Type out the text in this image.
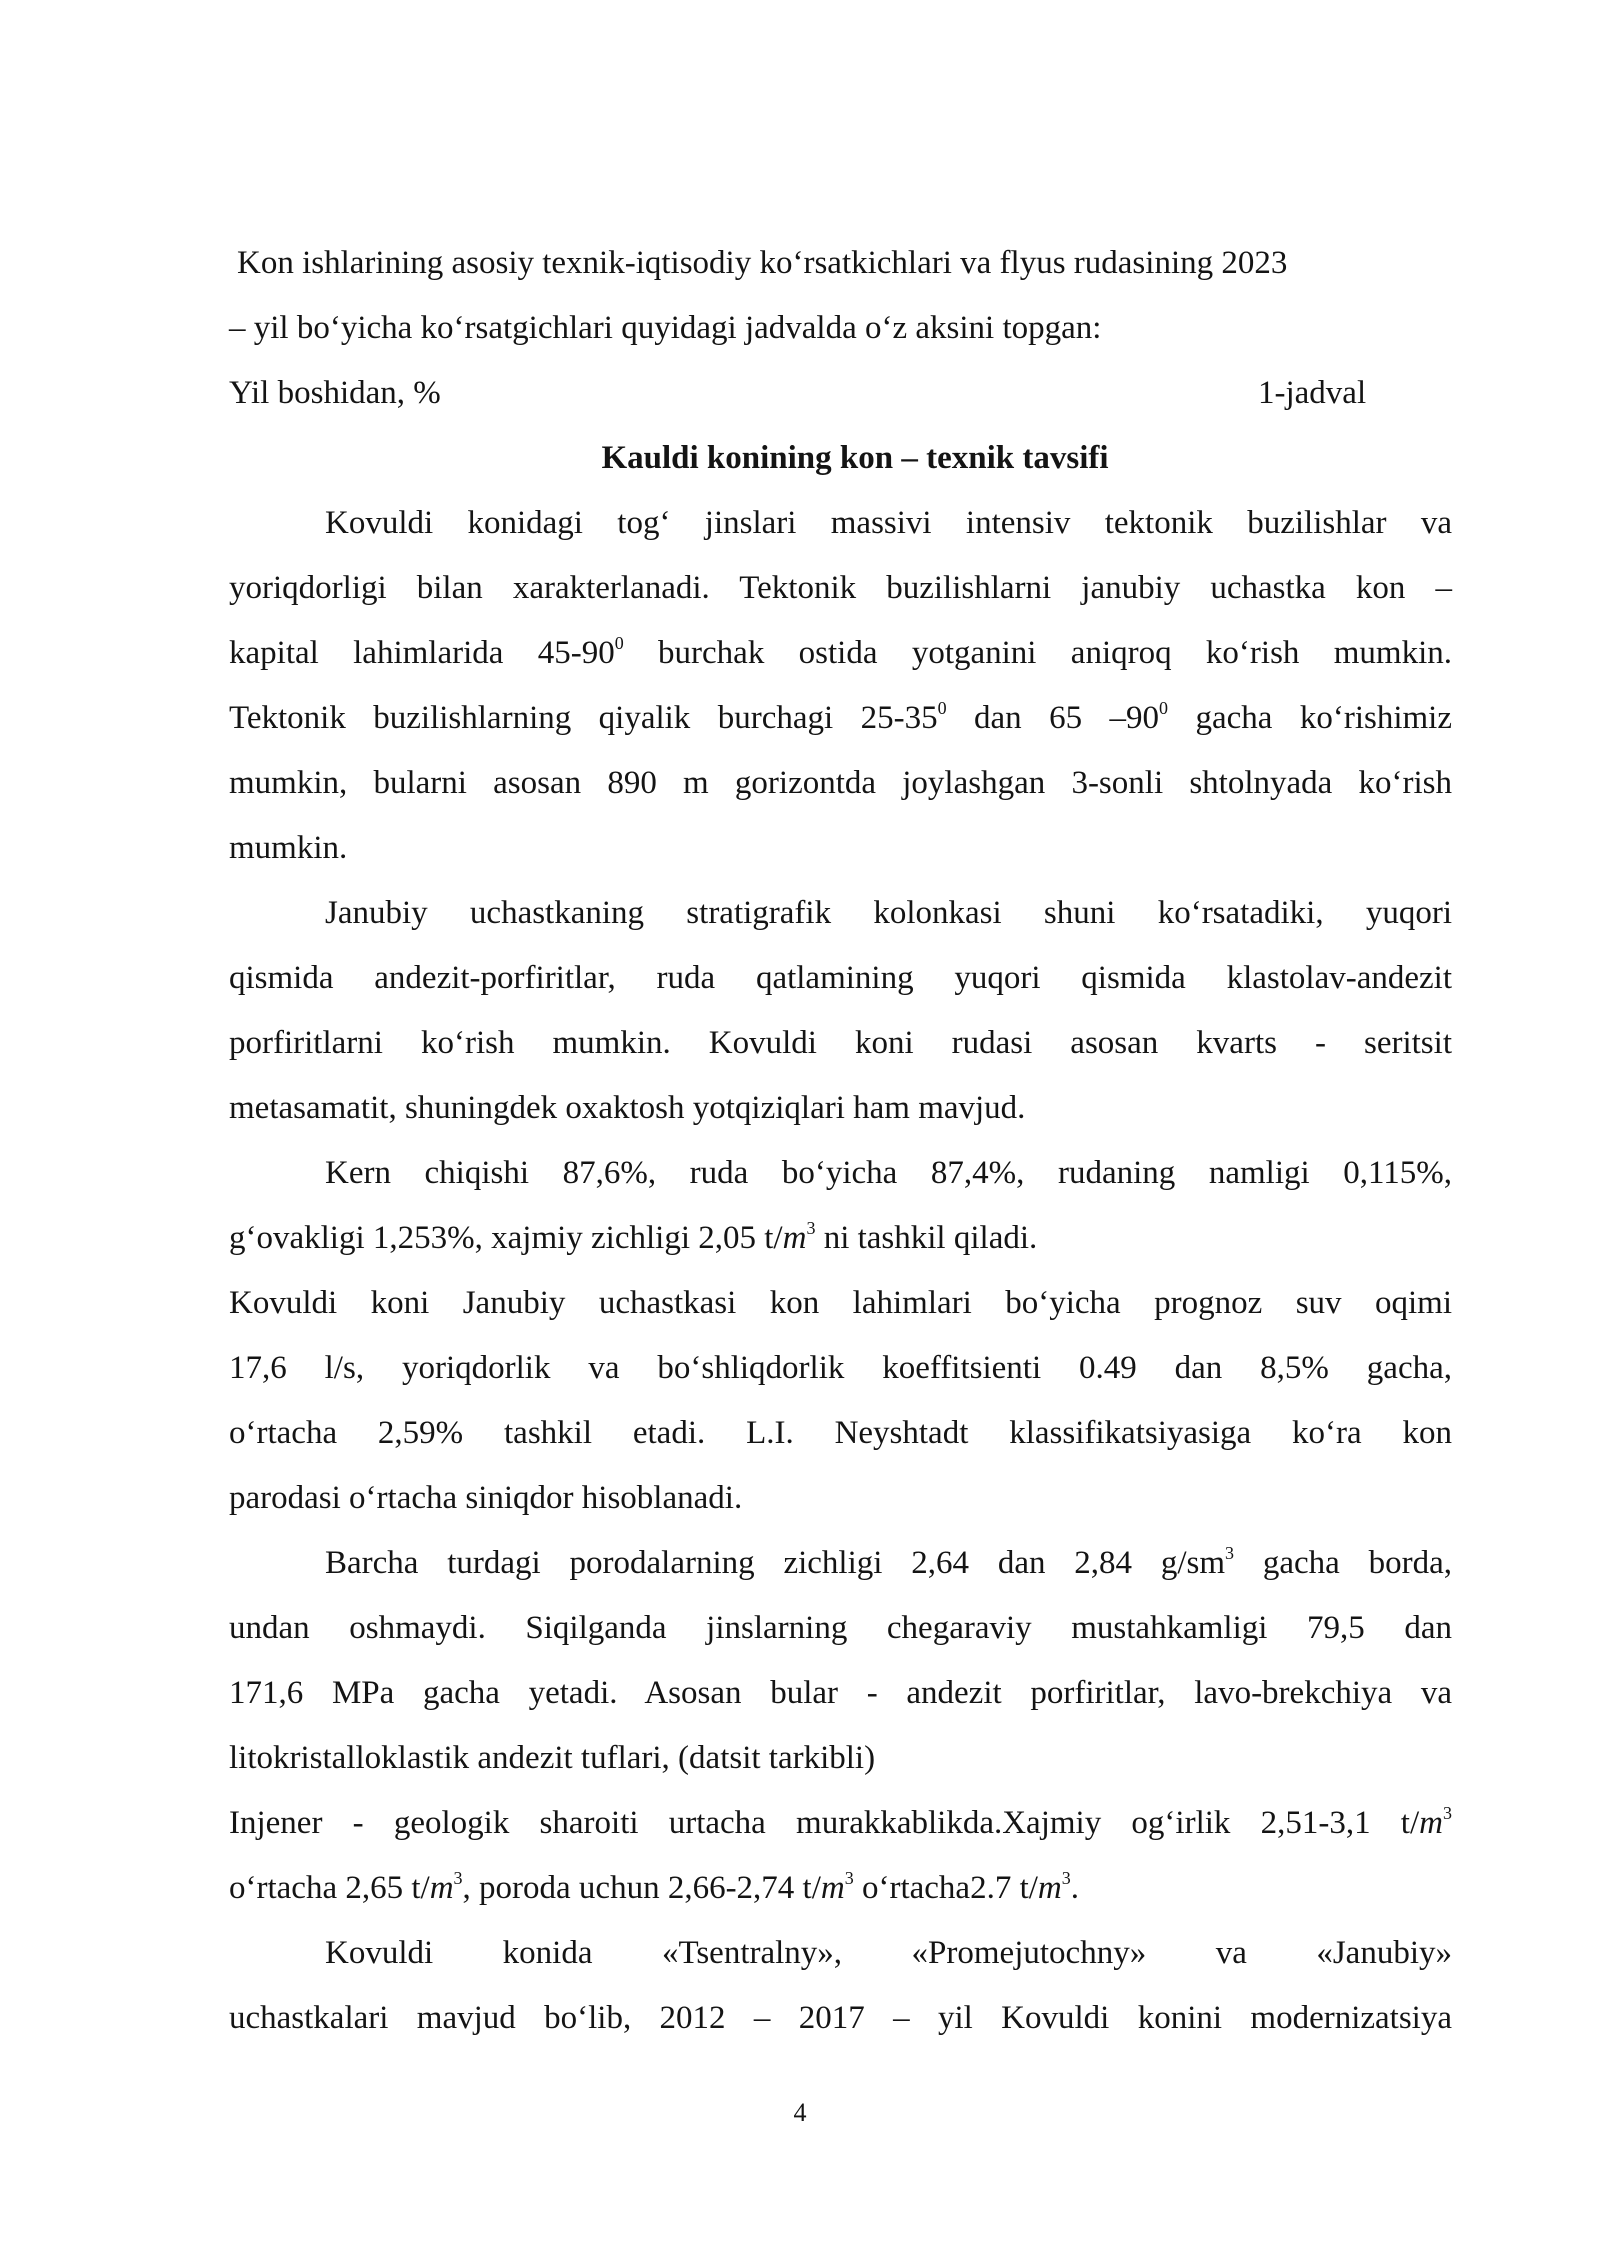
Kon ishlarining asosiy texnik-iqtisodiy ko‘rsatkichlari va flyus rudasining 2023
– yil bo‘yicha ko‘rsatgichlari quyidagi jadvalda o‘z aksini topgan:
Yil boshidan, %	1-jadval
Kauldi konining kon – texnik tavsifi
Kovuldi konidagi tog‘ jinslari massivi intensiv tektonik buzilishlar va
yoriqdorligi bilan xarakterlanadi. Tektonik buzilishlarni janubiy uchastka kon –
kapital lahimlarida $45-90^0$ burchak ostida yotganini aniqroq ko‘rish mumkin.
Tektonik buzilishlarning qiyalik burchagi $25-35^0$ dan 65 $-90^0$ gacha ko‘rishimiz
mumkin, bularni asosan 890 m gorizontda joylashgan 3-sonli shtolnyada ko‘rish
mumkin.
Janubiy uchastkaning stratigrafik kolonkasi shuni ko‘rsatadiki, yuqori
qismida andezit-porfiritlar, ruda qatlamining yuqori qismida klastolav-andezit
porfiritlarni ko‘rish mumkin. Kovuldi koni rudasi asosan kvarts - seritsit
metasamatit, shuningdek oxaktosh yotqiziqlari ham mavjud.
Kern chiqishi 87,6%, ruda bo‘yicha 87,4%, rudaning namligi 0,115%,
g‘ovakligi 1,253%, xajmiy zichligi 2,05 $t/m^3$ ni tashkil qiladi.
Kovuldi koni Janubiy uchastkasi kon lahimlari bo‘yicha prognoz suv oqimi
17,6 l/s, yoriqdorlik va bo‘shliqdorlik koeffitsienti 0.49 dan 8,5% gacha,
o‘rtacha 2,59% tashkil etadi. L.I. Neyshtadt klassifikatsiyasiga ko‘ra kon
parodasi o‘rtacha siniqdor hisoblanadi.
Barcha turdagi porodalarning zichligi 2,64 dan 2,84 $g/sm^3$ gacha borda,
undan oshmaydi. Siqilganda jinslarning chegaraviy mustahkamligi 79,5 dan
171,6 MPa gacha yetadi. Asosan bular - andezit porfiritlar, lavo-brekchiya va
litokristalloklastik andezit tuflari, (datsit tarkibli)
Injener - geologik sharoiti urtacha murakkablikda.Xajmiy og‘irlik 2,51-3,1 $t/m^3$
o‘rtacha 2,65 $t/m^3$, poroda uchun 2,66-2,74 $t/m^3$ o‘rtacha2.7 $t/m^3$.
Kovuldi konida «Tsentralny», «Promejutochny» va «Janubiy»
uchastkalari mavjud bo‘lib, 2012 – 2017 – yil Kovuldi konini modernizatsiya
4
